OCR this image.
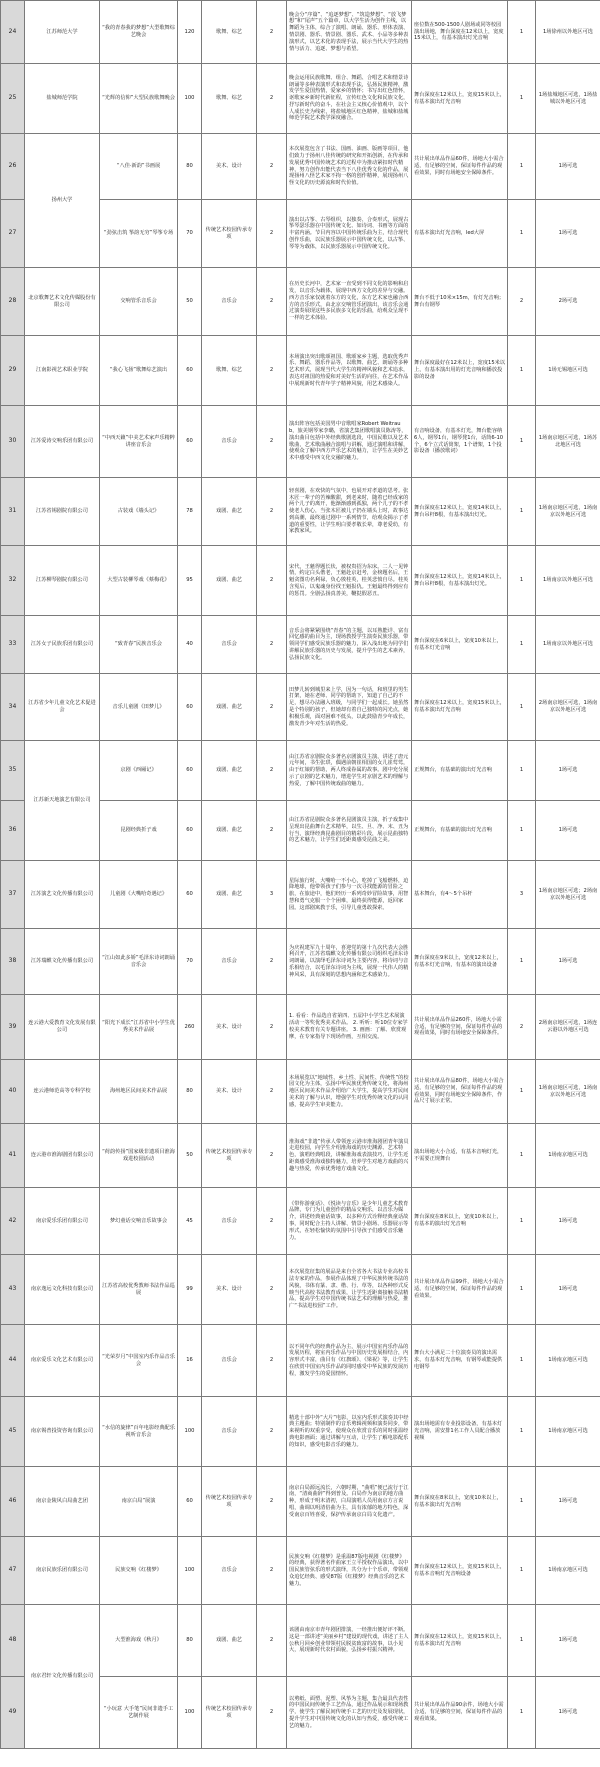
24	江苏师范大学	“我的青春我的梦想”大型歌舞综艺晚会	120	歌舞、综艺	2	晚会分“序篇”、“追逐梦想”、“筑造梦想”、“放飞梦想”和“尾声”五个篇章，以大学生活为创作主线，以舞蹈为主体，综合了演唱、朗诵、器乐、形体表演、情景剧、器乐、情景剧、器乐、武术、小品等多种表演形式，以艺术化的表现手法，展示当代大学生的热情与活力、追逐、梦想与希望。	座位数在500-1500人剧场或同等校园演出场地，舞台深度在12米以上，宽度15米以上，有基本演出灯光音响	1	1场徐州以外地区可选
25	盐城师范学院	“光辉的信仰”大型民族歌舞晚会	100	歌舞、综艺	2	晚会运用民族歌舞、组合、舞蹈、合唱艺术和情景诗朗诵等多种表演形式和表现手法，弘扬民族精神，激发学生爱国热情，爱家乡的情怀；书写出红色情怀，讴歌家乡新时代新征程，宣传红色文化和民族文化，抒写新时代的奋斗，在社会主义核心价值观中，以个人成长史为线索，将盐城地区红色精神，盐城和盐城师范学院艺术教学深度融合。	舞台深度在12米以上，宽度15米以上，有基本演出灯光音响	1	1场盐城地区可选，1场盐城以外地区可选
26	扬州大学	“八佳·新韵”书画展	80	美术、设计	2	本次展览包含了书法、国画、油画、版画等项目，他们致力于扬州八佳传统的研究和开拓创新，在传承和发展优秀中国传统艺术的过程中为推动紧扣时代精神，努力创作出能代表当下八佳优秀文化的作品，展现扬州八怪艺术家不拘一格的创作精神，展现扬州八怪文化的历史源流和时代价值。	共计展出单品作品60件，场地大小需合适，有足够的空间，保证每件作品的观看效果，同时有场地安全保障条件。	1	1场可选
27		“劲弦击筑 筝韵无穷”琴筝专场	70	传统艺术校园传承专项	2	演出以古筝、古琴组织，以独奏、合奏形式，展现古筝琴瑟乐器在中国传统文化、如诗词、书画等方面的丰富内涵。节目内容以中国传统乐曲为主，结合现代创作乐曲，以民族乐器展示中国传统文化，以古筝、琴等为载体，以民族乐器展示中国传统文化。	有基本演出灯光音响，led大屏	1	1场可选
28	北京歌舞艺术文化传媒股份有限公司	交响管乐音乐会	50	音乐会	2	在历史长河中，艺术家一直受到不同文化的影响和启发，以音乐为载体，展现中西方文化的差异与交融。西方音乐家仅就着东方的文化，东方艺术家也融合西方的音乐形式，由北京交响管乐团演出，该音乐会通过演奏展现这些多民族多文化的乐曲，给观众呈现不一样的艺术体验。	舞台不低于10米×15m，有灯光音响；舞台有钢琴	2	2场可选
29	江南影视艺术职业学院	“我心飞扬”歌舞综艺演出	60	歌舞、综艺	2	本场演出突出歌颂祖国、歌颂家乡主题，选取优秀声乐、舞蹈、器乐作品等，以歌舞、曲艺、朗诵等多种艺术形式，展现当代大学生的精神风貌和艺术追求，表达对祖国的热爱和对美好生活的向往，在艺术作品中展现新时代青年学子精神风貌，用艺术感染人。	舞台深度最好在12米以上，宽度15米以上，有基本演出用的灯光音响和播放投影的设备	1	1场无锡地区可选
30	江苏爱涛交响乐团有限公司	“中西天籁”中美艺术家声乐精粹讲座音乐会	60	音乐会	2	演出阵容包括美国男中音歌唱家Robert Weitraub，旅美钢琴家李璐，省演艺集团歌唱演员陈涛等，演出曲目包括中外经典歌剧选段，中国民歌以及艺术歌曲，艺术歌曲融合演唱与讲解，通过演唱和讲解，使观众了解中西方声乐艺术的魅力，让学生在美妙艺术中感受中西文化交融的魅力。	有音响设备，有基本灯光，舞台能容纳6人，钢琴1台，钢琴凳1台，话筒6-10个，6个立式话筒架，1个谱架，1个投影设备（播放歌词）	1	1场南京地区可选，1场苏北地区可选
31	江苏省锡剧院有限公司	古装戏《墙头记》	78	戏剧、曲艺	2	轻喜剧，在欢快的气氛中，也展开对孝道的思考。张木匠一辈子的苦辣酸甜，到老来时，随着已经成家的两个儿子的离开，他渐渐感到孤独，两个儿子的不孝使老人伤心，当张木匠被儿子扔在墙头上时，故事达到高潮，最终通过剧中一系列情节，给观众揭示了孝道的重要性，让学生明白要孝敬长辈，尊老爱幼，有家教家风。	舞台深度在12米以上，宽度14米以上，舞台吊杆8根，有基本演出灯光。	1	1场南京地区可选，1场南京以外地区可选
32	江苏柳琴剧院有限公司	大型古装柳琴戏《蔡梅花》	95	戏剧、曲艺	2	宋代，王魁得题长状，被权贵招为东床。二人一见钟情，约定白头偕老，王魁赴京赶考，金榜题名后，王魁贪图功名利禄，负心敫桂英，桂英悲愤自尽。桂英含冤后，以鬼魂身份找王魁报仇。王魁最终得到应有的惩罚。全剧弘扬真善美，鞭挞假恶丑。	舞台深度在12米以上，宽度14米以上，舞台吊杆8根，有基本演出灯光。	1	1场南京以外地区可选
33	江苏女子民族乐团有限公司	“致青春”民族音乐会	40	音乐会	2	音乐会将紧紧围绕“青春”的主题，以耳熟能详、富有回忆感的曲目为主，现场教授学生演奏民族乐器，带领同学们感受民族乐器的魅力，深入浅出地为同学们讲解民族乐器的历史与发展，提升学生的艺术素养，弘扬民族文化。	舞台深度在6米以上，宽度10米以上，有基本灯光音响	1	1场南京以外地区可选
34	江苏省少年儿童文化艺术促进会	音乐儿童剧《田梦儿》	60	戏剧、曲艺	2	田梦儿转到城里来上学，因为一句话，和班里的男生打架，她在老师、同学的帮助下，知道了自己的不足，想尽办法融入班级，与同学们一起成长。她虽然是个特别的孩子，但她却有着自己独特的闪光点，她积极乐观，面对困难不低头，以此鼓励青少年成长，激发青少年对生活的热爱。	舞台深度在12米以上，宽度15米以上，有基本演出灯光音响	1	2场南京地区可选，1场南京以外地区可选
35	江苏新天地演艺有限公司	京剧《西厢记》	60	戏剧、曲艺	2	由江苏省京剧院众多著名京剧演员主演，讲述了唐元元年间，书生张珙，偶遇前朝崔相国的女儿崔莺莺，由于红娘的帮助，两人终成眷属的故事。剧中充分展示了京剧的艺术魅力，增进学生对京剧艺术的理解与热爱，了解中国传统戏曲的魅力。	正规舞台，有基础的演出灯光音响	1	1场可选
36		昆剧经典折子戏	60	戏剧、曲艺	2	由江苏省昆剧院众多著名昆剧演员主演，折子戏集中呈现出昆曲舞台艺术精华，以生、旦、净、末、丑为行当，演绎经典昆曲剧目的精彩片段，展示昆曲独特的艺术魅力，让学生们近距离感受昆曲之美。	正规舞台，有基础的演出灯光音响	1	1场可选
37	江苏演艺文化传播有限公司	儿童剧《大嘴哈奇遇记》	60	戏剧、曲艺	3	星际旅行时，大嘴哈一不小心，吃掉了飞船燃料，迫降地球，他带领孩子们参与一次寻找能源的冒险之旅，在旅途中，他们经历一系列奇妙冒险故事，用智慧和勇气克服一个个困难，最终获得能源，返回家园。这部剧寓教于乐，引导儿童勇敢探索。	基本舞台，有4～5个吊杆	3	1场南京地区可选；2场南京以外地区可选
38	江苏瑞麒文化传播有限公司	“江山如此多娇”毛泽东诗词朗诵音乐会	70	音乐会	2	为庆祝建军九十周年，喜迎党的第十九次代表大会胜利召开，江苏省瑞麒文化传播有限公司组织毛泽东诗词朗诵，以演绎毛泽东诗词为主要内容，将诗词与音乐相结合，以毛泽东诗词为主线，展现一代伟人的精神风采，具有深刻的思想内涵和艺术感染力。	舞台深度在9米以上，宽度12米以上，有基本灯光音响，有基本的演出设备	1	1场可选
39	连云港大爱教育文化发展有限公司	“阳光下成长”江苏省中小学生优秀美术作品展	260	美术、设计	2	1. 看看：作品选自省第四、五届中小学生艺术展演活动一等奖优秀美术作品。 2. 听听：听10位专家学校美术教育有关专题讲座。 3. 画画：了解、欣赏观摩，在专家指导下现场作画，互相交流。	共计展出单品作品260件，场地大小需合适，有足够的空间，保证每件作品的观看效果，同时有场地安全保障条件。	2	2场南京地区可选，1场连云港以外地区可选
40	连云港师范高等专科学校	海州地区民间美术作品展	80	美术、设计	2	本场展览以“地域性、乡土性、民间性、传统性”的校园文化为主体，弘扬中华民族优秀传统文化，将海州地区民间美术作品介绍给广大学生，提高学生对民间美术的了解与认识，增强学生对优秀传统文化的认同感，提高学生审美能力。	共计展出单品作品80件，场地大小需合适，有足够的空间，保证每件作品的观看效果，同时有场地安全保障条件，作品尺寸展示正常。	1	1场南京地区可选，1场南京以外地区可选
41	连云港市淮海剧团有限公司	“荷韵传扬”国家级非遗项目淮海戏进校园活动	50	传统艺术校园传承专项	2	淮海戏“非遗”传承人带领连云港市淮海剧团青年演员走进校园，向学生介绍淮海戏的历史渊源、艺术特色，演唱经典唱段，讲解淮海戏表演技巧，让学生近距离感受淮海戏独特魅力，培养学生对地方戏曲的兴趣与热爱，传承优秀地方戏曲文化。	演出场地大小合适，有基本音响灯光，不需要正规舞台	1	1场南京地区可选
42	南京爱乐乐团有限公司	梦幻童话交响音乐故事会	45	音乐会	2	《带你游童话》、《悦读与音乐》是少年儿童艺术教育品牌，专门为儿童创作的精品交响乐，以音乐为媒介，讲述经典童话故事，以多种方式诠释经典童话故事，同时配合主持人讲解、情景小剧场、乐器展示等形式，在轻松愉快的氛围中引导孩子们感受音乐魅力。	舞台深度在8米以上，宽度10米以上，有基本的演出灯光音响	1	1场可选
43	南京逸远文化科技有限公司	江苏省高校优秀教师书法作品巡展	99	美术、设计	2	本次展览征集的展品是来自全省各大书法专业高校书法专家的作品，参展作品体现了中华民族传统书法的风貌，书体有篆、隶、楷、行、草等，以各种形式反映当代高校书法教育成果，让学生近距离接触书法精品，提高学生对中国传统书法艺术的理解与热爱，推广“书法进校园”工作。	共计展出单品作品99件，场地大小需合适，有足够的空间，保证每件作品的观看效果。	1	1场可选
44	南京爱乐文化艺术有限公司	“光荣岁月”中国室内乐作品音乐会	16	音乐会	2	以不同年代的经典作品为主，展示中国室内乐作品的发展历程，将室内乐作品与中国历史发展相结合，内容形式丰富，曲目有《红旗颂》、《梁祝》等，让学生在欣赏中国室内乐作品的同时感受中华民族的发展历程，激发学生的爱国情怀。	舞台大小满足二十位演奏员的演出需求，有基本灯光音响，有钢琴或能提供电钢琴	1	1场南京地区可选
45	南京锡普投资咨询有限公司	“水信的旋律”百年电影经典配乐视听音乐会	100	音乐会	2	精选十部中外“大片”电影，以室内乐形式演奏其中经典主题曲；特别制作的音乐剪辑视频和演奏同步，带来视听的双重享受，使观众在欣赏音乐的同时重温经典电影画面；通过讲解与互动，让学生了解电影配乐的知识，感受电影音乐的魅力。	演出场地需有专业投影设备，有基本灯光音响，需安排1名工作人员配合播放视频	1	1场南京地区可选
46	南京金陵风白局曲艺团	南京白局”展演	60	传统艺术校园传承专项	2	南京白局源远流长，六朝时期，“曲唱”便已流行于江南，“清商曲辞”得到普及。白局作为南京的地方曲种，形成于明末清初，白局演唱人员用南京方言说唱，曲调以明清俗曲为主，具有浓郁的地方特色，深受南京百姓喜爱，保护传承南京白局文化遗产。	舞台深度在8米以上，宽度10米以上，有基本演出灯光音响	1	1场可选
47	南京民族乐团有限公司	民族交响《红楼梦》	100	音乐会	2	民族交响《红楼梦》是重温87版电视剧《红楼梦》的经典，获得著名作曲家王立平授权作品演出，以中国民族管弦乐的形式演绎，共分为十个乐章，带领观众追忆经典、感受87版《红楼梦》经典音乐的艺术魅力。	舞台深度在12米以上，宽度15米以上，有基本音响灯光音响设备	1	1场南京地区可选
48	南京君轩文化传播有限公司	大型淮海戏《秋月》	80	戏剧、曲艺	2	该剧由南京市青年剧团排演，一经推出便好评不断。这是一部讲述“美丽乡村”建设的现代戏，讲述了主人公秋月回乡创业带领村民脱贫致富的故事，以小见大，展现新时代农村面貌，弘扬乡村振兴精神。	舞台深度在12米以上，宽度15米以上，有基本演出灯光音响	1	1场可选
49		“小玩意 大手笔”民间非遗手工艺制作展	100	传统艺术校园传承专项	2	以剪纸、面塑、泥塑、风筝为主题，集合最具代表性的中国民间传统手工艺作品，通过作品展示和现场教学，使学生了解民间传统手工艺的历史及发展现状，提升学生对中国传统文化的认知与热爱，感受传统工艺的魅力。	共计展出单品作品90余件，场地大小需合适，有足够的空间，保证每件作品的观看效果。	1	1场可选
